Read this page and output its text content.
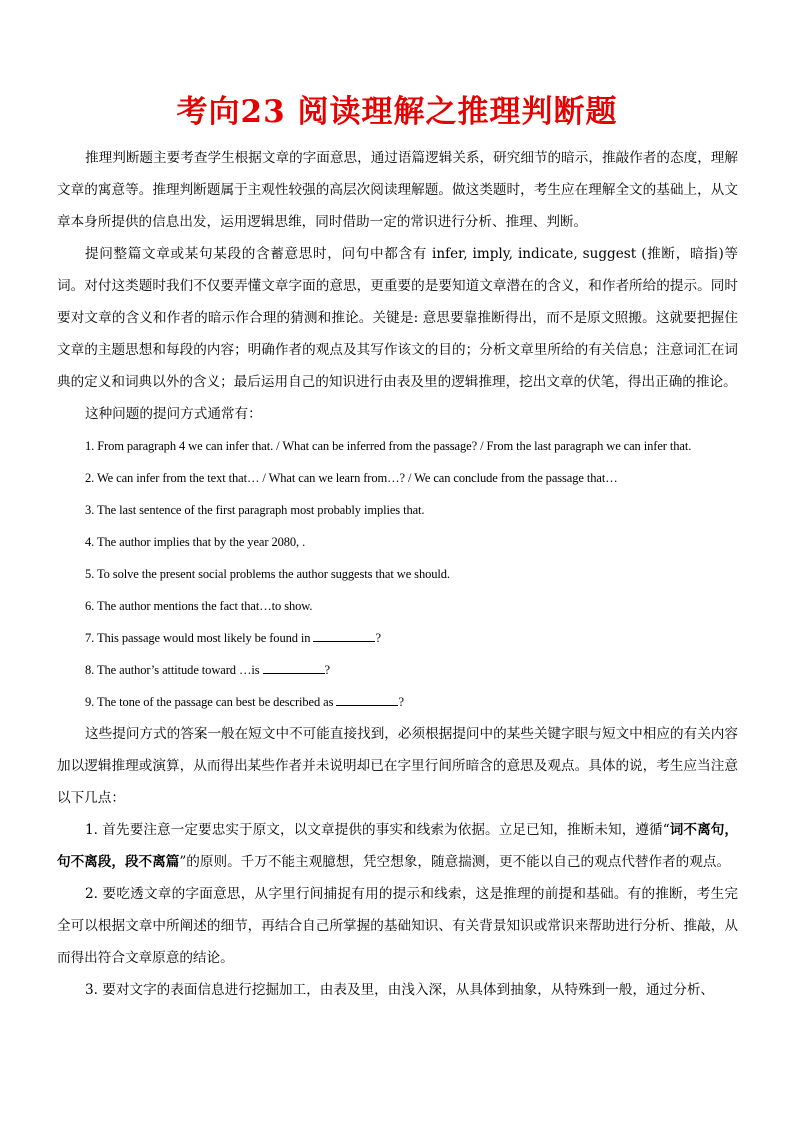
考向23 阅读理解之推理判断题

推理判断题主要考查学生根据文章的字面意思，通过语篇逻辑关系，研究细节的暗示，推敲作者的态度，理解文章的寓意等。推理判断题属于主观性较强的高层次阅读理解题。做这类题时，考生应在理解全文的基础上，从文章本身所提供的信息出发，运用逻辑思维，同时借助一定的常识进行分析、推理、判断。

提问整篇文章或某句某段的含蓄意思时，问句中都含有 infer, imply, indicate, suggest (推断，暗指)等词。对付这类题时我们不仅要弄懂文章字面的意思，更重要的是要知道文章潜在的含义，和作者所给的提示。同时要对文章的含义和作者的暗示作合理的猜测和推论。关键是: 意思要靠推断得出，而不是原文照搬。这就要把握住文章的主题思想和每段的内容；明确作者的观点及其写作该文的目的；分析文章里所给的有关信息；注意词汇在词典的定义和词典以外的含义；最后运用自己的知识进行由表及里的逻辑推理，挖出文章的伏笔，得出正确的推论。

这种问题的提问方式通常有：

1. From paragraph 4 we can infer that. / What can be inferred from the passage? / From the last paragraph we can infer that.

2. We can infer from the text that… / What can we learn from…? / We can conclude from the passage that…

3. The last sentence of the first paragraph most probably implies that.

4. The author implies that by the year 2080, .

5. To solve the present social problems the author suggests that we should.

6. The author mentions the fact that…to show.

7. This passage would most likely be found in	?

8. The author’s attitude toward …is	?

9. The tone of the passage can best be described as	?

这些提问方式的答案一般在短文中不可能直接找到，必须根据提问中的某些关键字眼与短文中相应的有关内容加以逻辑推理或演算，从而得出某些作者并未说明却已在字里行间所暗含的意思及观点。具体的说，考生应当注意以下几点：

1. 首先要注意一定要忠实于原文，以文章提供的事实和线索为依据。立足已知，推断未知，遵循“词不离句，句不离段，段不离篇”的原则。千万不能主观臆想，凭空想象，随意揣测，更不能以自己的观点代替作者的观点。

2. 要吃透文章的字面意思，从字里行间捕捉有用的提示和线索，这是推理的前提和基础。有的推断，考生完全可以根据文章中所阐述的细节，再结合自己所掌握的基础知识、有关背景知识或常识来帮助进行分析、推敲，从而得出符合文章原意的结论。

3. 要对文字的表面信息进行挖掘加工，由表及里，由浅入深，从具体到抽象，从特殊到一般，通过分析、
